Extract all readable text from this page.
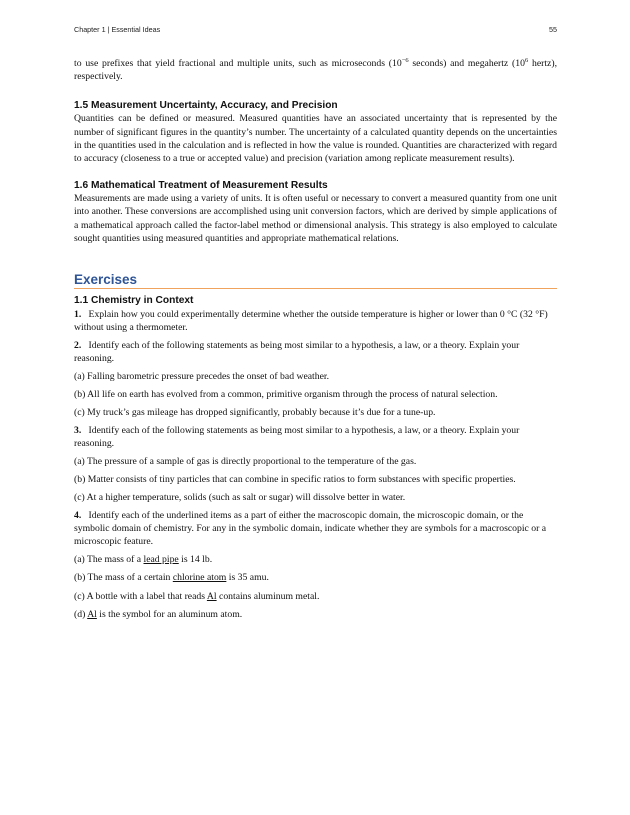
Chapter 1 | Essential Ideas	55

to use prefixes that yield fractional and multiple units, such as microseconds ($10^{-6}$ seconds) and megahertz ($10^6$ hertz), respectively.

1.5 Measurement Uncertainty, Accuracy, and Precision

Quantities can be defined or measured. Measured quantities have an associated uncertainty that is represented by the number of significant figures in the quantity’s number. The uncertainty of a calculated quantity depends on the uncertainties in the quantities used in the calculation and is reflected in how the value is rounded. Quantities are characterized with regard to accuracy (closeness to a true or accepted value) and precision (variation among replicate measurement results).

1.6 Mathematical Treatment of Measurement Results

Measurements are made using a variety of units. It is often useful or necessary to convert a measured quantity from one unit into another. These conversions are accomplished using unit conversion factors, which are derived by simple applications of a mathematical approach called the factor-label method or dimensional analysis. This strategy is also employed to calculate sought quantities using measured quantities and appropriate mathematical relations.

Exercises
1.1 Chemistry in Context

1. Explain how you could experimentally determine whether the outside temperature is higher or lower than 0 °C (32 °F) without using a thermometer.

2. Identify each of the following statements as being most similar to a hypothesis, a law, or a theory. Explain your reasoning.

(a) Falling barometric pressure precedes the onset of bad weather.

(b) All life on earth has evolved from a common, primitive organism through the process of natural selection.

(c) My truck’s gas mileage has dropped significantly, probably because it’s due for a tune-up.

3. Identify each of the following statements as being most similar to a hypothesis, a law, or a theory. Explain your reasoning.

(a) The pressure of a sample of gas is directly proportional to the temperature of the gas.

(b) Matter consists of tiny particles that can combine in specific ratios to form substances with specific properties.

(c) At a higher temperature, solids (such as salt or sugar) will dissolve better in water.

4. Identify each of the underlined items as a part of either the macroscopic domain, the microscopic domain, or the symbolic domain of chemistry. For any in the symbolic domain, indicate whether they are symbols for a macroscopic or a microscopic feature.

(a) The mass of a lead pipe is 14 lb.

(b) The mass of a certain chlorine atom is 35 amu.

(c) A bottle with a label that reads Al contains aluminum metal.

(d) Al is the symbol for an aluminum atom.
